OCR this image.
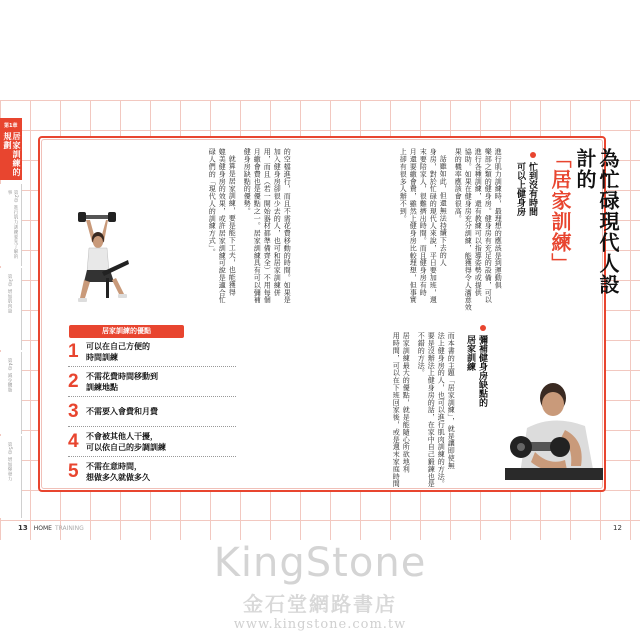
第1章
居家訓練的規劃
第2章 進行肌力訓練要先了解的事
第3章 增加肌肉量
第4章 減少體脂
第5章 增加爆發力
為忙碌現代人設計的
「居家訓練」
忙到沒有時間
可以上健身房
進行肌力訓練時，最理想的應該是到運動俱
樂部之類的健身房。健身房有充足的設備，可以
進行各種訓練，還有教練可以指導姿勢或提供
協助。如果在健身房充分訓練，能獲得令人滿意效
果的機率應該會很高。
話雖如此，但還無法持續下去的人
身房，對於忙碌的現代人來說，平日要加班，週
末要陪家人，很難擠出時間。而且健身房有時
月還要繳會費，雖然上健身房比較理想，但事實
上卻有很多人辦不到。
彌補健身房缺點的
居家訓練
而本書的主題「居家訓練」，就是讓即使無
法上健身房的人，也可以進行肌肉訓練的方法。
要是沒辦法上健身房的話，在家中自己鍛鍊也是
不錯的方法。
居家訓練最大的優點，就是能隨心所欲地利
用時間，可以在下班回家後，或是週末家庭時間
的空檔進行，而且不需花費移動的時間。如果是
加入健身房卻很少去的人，也可和居家訓練併
用，而且（若一開始器材都準備齊全）不用每個
月繳會費也是優點之一。居家訓練具有可以彌補
健身房缺點的優勢。
就算是居家訓練，要是能下工夫，也能獲得
媲美健身房的效果，或許居家訓練可說是適合忙
碌人們的「現代人的訓練方式」。
居家訓練的優點
1 可以在自己方便的
時間訓練
2 不需花費時間移動到
訓練地點
3 不需要入會費和月費
4 不會被其他人干擾，
可以依自己的步調訓練
5 不需在意時間，
想做多久就做多久
13 HOME TRAINING	12
KingStone
金石堂網路書店
www.kingstone.com.tw
